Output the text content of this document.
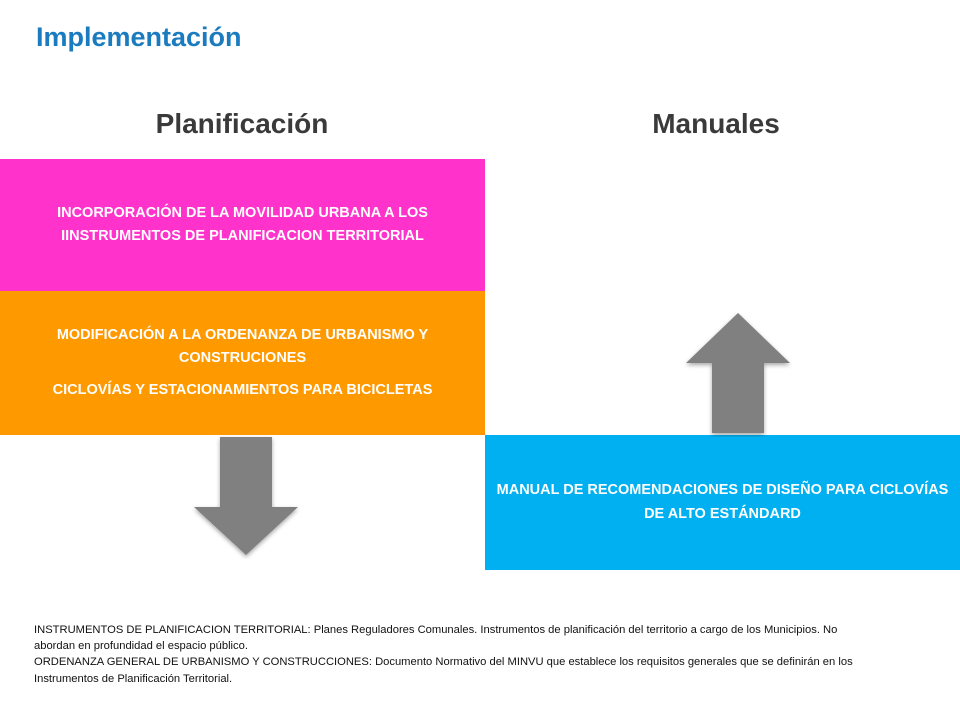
Implementación
Planificación	Manuales
INCORPORACIÓN DE LA MOVILIDAD URBANA A LOS IINSTRUMENTOS DE PLANIFICACION TERRITORIAL
MODIFICACIÓN A LA ORDENANZA DE URBANISMO Y CONSTRUCIONES
CICLOVÍAS Y ESTACIONAMIENTOS PARA BICICLETAS
MANUAL DE RECOMENDACIONES DE DISEÑO PARA CICLOVÍAS DE ALTO ESTÁNDARD

INSTRUMENTOS DE PLANIFICACION TERRITORIAL: Planes Reguladores Comunales. Instrumentos de planificación del territorio a cargo de los Municipios. No abordan en profundidad el espacio público.

ORDENANZA GENERAL DE URBANISMO Y CONSTRUCCIONES: Documento Normativo del MINVU que establece los requisitos generales que se definirán en los Instrumentos de Planificación Territorial.
